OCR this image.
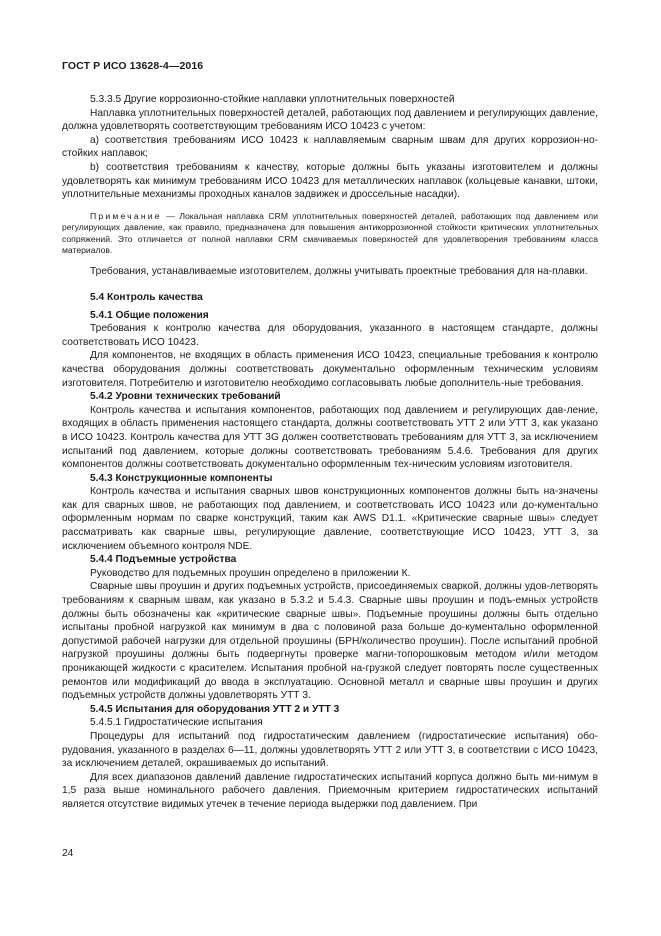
ГОСТ Р ИСО 13628-4—2016

5.3.3.5 Другие коррозионно-стойкие наплавки уплотнительных поверхностей

Наплавка уплотнительных поверхностей деталей, работающих под давлением и регулирующих давление, должна удовлетворять соответствующим требованиям ИСО 10423 с учетом:

a) соответствия требованиям ИСО 10423 к наплавляемым сварным швам для других коррозион-но-стойких наплавок;

b) соответствия требованиям к качеству, которые должны быть указаны изготовителем и должны удовлетворять как минимум требованиям ИСО 10423 для металлических наплавок (кольцевые канавки, штоки, уплотнительные механизмы проходных каналов задвижек и дроссельные насадки).

Примечание — Локальная наплавка CRM уплотнительных поверхностей деталей, работающих под давлением или регулирующих давление, как правило, предназначена для повышения антикоррозионной стойкости критических уплотнительных сопряжений. Это отличается от полной наплавки CRM смачиваемых поверхностей для удовлетворения требованиям класса материалов.

Требования, устанавливаемые изготовителем, должны учитывать проектные требования для на-плавки.

5.4 Контроль качества
5.4.1 Общие положения

Требования к контролю качества для оборудования, указанного в настоящем стандарте, должны соответствовать ИСО 10423.

Для компонентов, не входящих в область применения ИСО 10423, специальные требования к контролю качества оборудования должны соответствовать документально оформленным техническим условиям изготовителя. Потребителю и изготовителю необходимо согласовывать любые дополнитель-ные требования.

5.4.2 Уровни технических требований

Контроль качества и испытания компонентов, работающих под давлением и регулирующих дав-ление, входящих в область применения настоящего стандарта, должны соответствовать УТТ 2 или УТТ 3, как указано в ИСО 10423. Контроль качества для УТТ 3G должен соответствовать требованиям для УТТ 3, за исключением испытаний под давлением, которые должны соответствовать требованиям 5.4.6. Требования для других компонентов должны соответствовать документально оформленным тех-ническим условиям изготовителя.

5.4.3 Конструкционные компоненты

Контроль качества и испытания сварных швов конструкционных компонентов должны быть на-значены как для сварных швов, не работающих под давлением, и соответствовать ИСО 10423 или до-кументально оформленным нормам по сварке конструкций, таким как AWS D1.1. «Критические сварные швы» следует рассматривать как сварные швы, регулирующие давление, соответствующие ИСО 10423, УТТ 3, за исключением объемного контроля NDE.

5.4.4 Подъемные устройства

Руководство для подъемных проушин определено в приложении К.

Сварные швы проушин и других подъемных устройств, присоединяемых сваркой, должны удов-летворять требованиям к сварным швам, как указано в 5.3.2 и 5.4.3. Сварные швы проушин и подъ-емных устройств должны быть обозначены как «критические сварные швы». Подъемные проушины должны быть отдельно испытаны пробной нагрузкой как минимум в два с половиной раза больше до-кументально оформленной допустимой рабочей нагрузки для отдельной проушины (БРН/количество проушин). После испытаний пробной нагрузкой проушины должны быть подвергнуты проверке магни-топорошковым методом и/или методом проникающей жидкости с красителем. Испытания пробной на-грузкой следует повторять после существенных ремонтов или модификаций до ввода в эксплуатацию. Основной металл и сварные швы проушин и других подъемных устройств должны удовлетворять УТТ 3.

5.4.5 Испытания для оборудования УТТ 2 и УТТ 3

5.4.5.1 Гидростатические испытания

Процедуры для испытаний под гидростатическим давлением (гидростатические испытания) обо-рудования, указанного в разделах 6—11, должны удовлетворять УТТ 2 или УТТ 3, в соответствии с ИСО 10423, за исключением деталей, окрашиваемых до испытаний.

Для всех диапазонов давлений давление гидростатических испытаний корпуса должно быть ми-нимум в 1,5 раза выше номинального рабочего давления. Приемочным критерием гидростатических испытаний является отсутствие видимых утечек в течение периода выдержки под давлением. При

24
